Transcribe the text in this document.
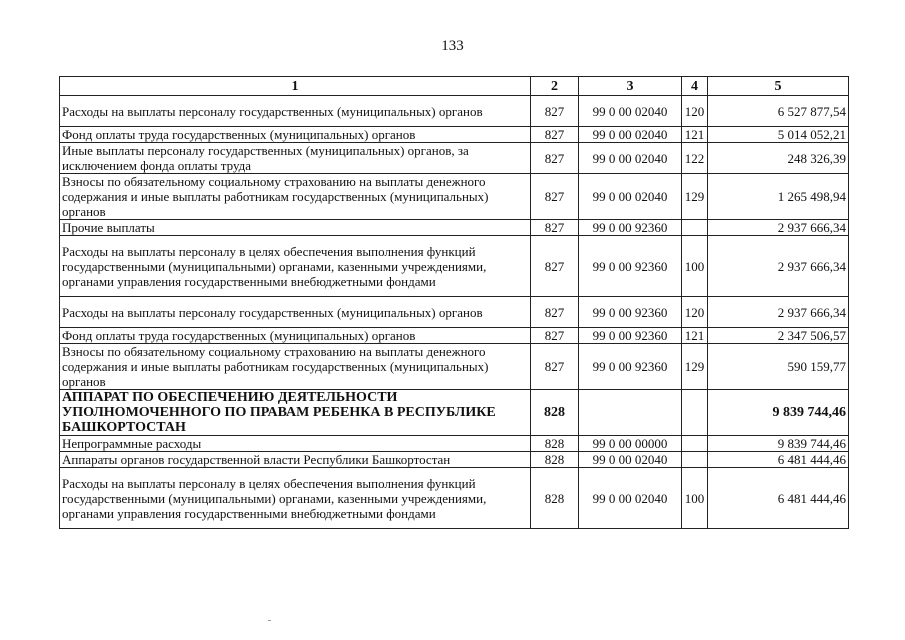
133
1	2	3	4	5
Расходы на выплаты персоналу государственных (муниципальных) органов	827	99 0 00 02040	120	6 527 877,54
Фонд оплаты труда государственных (муниципальных) органов	827	99 0 00 02040	121	5 014 052,21
Иные выплаты персоналу государственных (муниципальных) органов, за исключением фонда оплаты труда	827	99 0 00 02040	122	248 326,39
Взносы по обязательному социальному страхованию на выплаты денежного содержания и иные выплаты работникам государственных (муниципальных) органов	827	99 0 00 02040	129	1 265 498,94
Прочие выплаты	827	99 0 00 92360		2 937 666,34
Расходы на выплаты персоналу в целях обеспечения выполнения функций государственными (муниципальными) органами, казенными учреждениями, органами управления государственными внебюджетными фондами	827	99 0 00 92360	100	2 937 666,34
Расходы на выплаты персоналу государственных (муниципальных) органов	827	99 0 00 92360	120	2 937 666,34
Фонд оплаты труда государственных (муниципальных) органов	827	99 0 00 92360	121	2 347 506,57
Взносы по обязательному социальному страхованию на выплаты денежного содержания и иные выплаты работникам государственных (муниципальных) органов	827	99 0 00 92360	129	590 159,77
АППАРАТ ПО ОБЕСПЕЧЕНИЮ ДЕЯТЕЛЬНОСТИ УПОЛНОМОЧЕННОГО ПО ПРАВАМ РЕБЕНКА В РЕСПУБЛИКЕ БАШКОРТОСТАН	828			9 839 744,46
Непрограммные расходы	828	99 0 00 00000		9 839 744,46
Аппараты органов государственной власти Республики Башкортостан	828	99 0 00 02040		6 481 444,46
Расходы на выплаты персоналу в целях обеспечения выполнения функций государственными (муниципальными) органами, казенными учреждениями, органами управления государственными внебюджетными фондами	828	99 0 00 02040	100	6 481 444,46
